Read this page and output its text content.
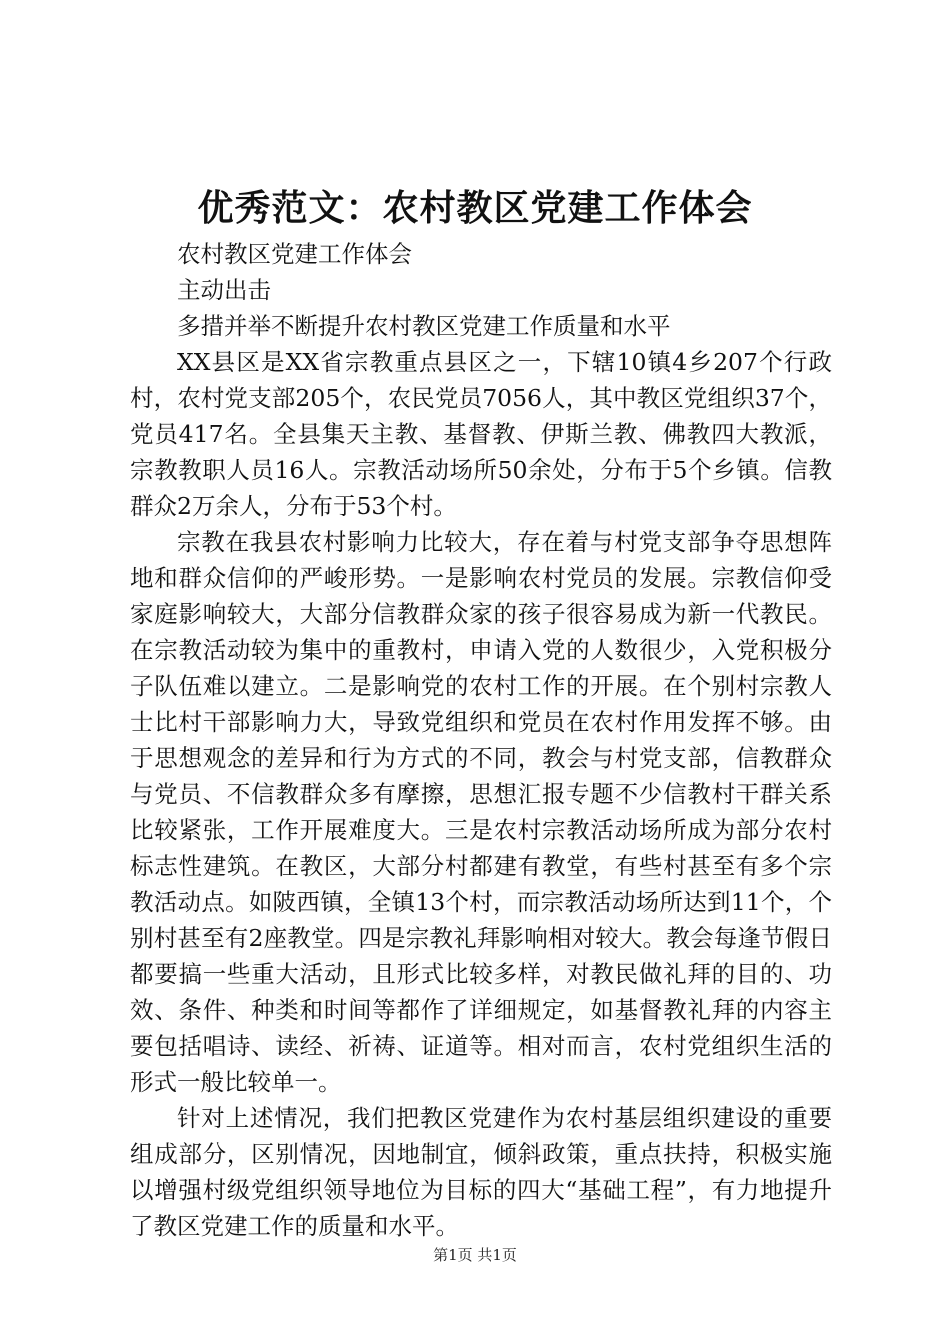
优秀范文：农村教区党建工作体会

农村教区党建工作体会

主动出击

多措并举不断提升农村教区党建工作质量和水平

XX县区是XX省宗教重点县区之一，下辖10镇4乡207个行政村，农村党支部205个，农民党员7056人，其中教区党组织37个，党员417名。全县集天主教、基督教、伊斯兰教、佛教四大教派，宗教教职人员16人。宗教活动场所50余处，分布于5个乡镇。信教群众2万余人，分布于53个村。

宗教在我县农村影响力比较大，存在着与村党支部争夺思想阵地和群众信仰的严峻形势。一是影响农村党员的发展。宗教信仰受家庭影响较大，大部分信教群众家的孩子很容易成为新一代教民。在宗教活动较为集中的重教村，申请入党的人数很少，入党积极分子队伍难以建立。二是影响党的农村工作的开展。在个别村宗教人士比村干部影响力大，导致党组织和党员在农村作用发挥不够。由于思想观念的差异和行为方式的不同，教会与村党支部，信教群众与党员、不信教群众多有摩擦，思想汇报专题不少信教村干群关系比较紧张，工作开展难度大。三是农村宗教活动场所成为部分农村标志性建筑。在教区，大部分村都建有教堂，有些村甚至有多个宗教活动点。如陂西镇，全镇13个村，而宗教活动场所达到11个，个别村甚至有2座教堂。四是宗教礼拜影响相对较大。教会每逢节假日都要搞一些重大活动，且形式比较多样，对教民做礼拜的目的、功效、条件、种类和时间等都作了详细规定，如基督教礼拜的内容主要包括唱诗、读经、祈祷、证道等。相对而言，农村党组织生活的形式一般比较单一。

针对上述情况，我们把教区党建作为农村基层组织建设的重要组成部分，区别情况，因地制宜，倾斜政策，重点扶持，积极实施以增强村级党组织领导地位为目标的四大“基础工程”，有力地提升了教区党建工作的质量和水平。

第1页 共1页
